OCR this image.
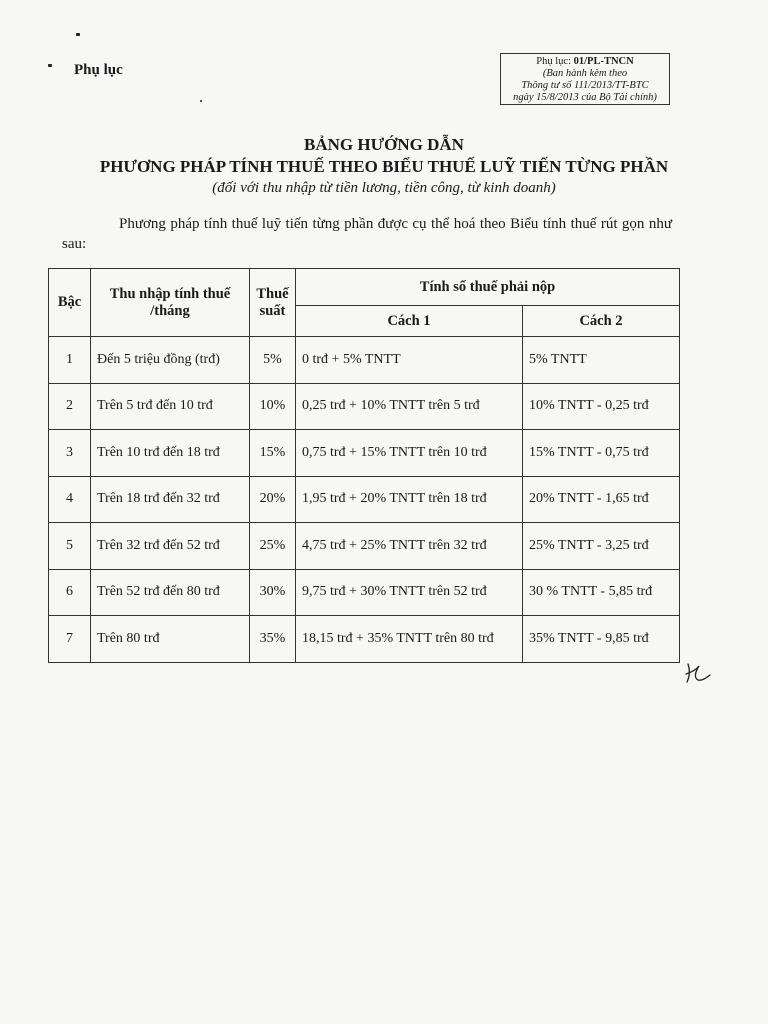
Phụ lục
Phụ lục: 01/PL-TNCN
(Ban hành kèm theo
Thông tư số 111/2013/TT-BTC
ngày 15/8/2013 của Bộ Tài chính)
BẢNG HƯỚNG DẪN
PHƯƠNG PHÁP TÍNH THUẾ THEO BIỂU THUẾ LUỸ TIẾN TỪNG PHẦN
(đối với thu nhập từ tiền lương, tiền công, từ kinh doanh)
Phương pháp tính thuế luỹ tiến từng phần được cụ thể hoá theo Biểu tính thuế rút gọn như sau:
Bậc	Thu nhập tính thuế /tháng	Thuế suất	Tính số thuế phải nộp	
			Cách 1	Cách 2
1	Đến 5 triệu đồng (trđ)	5%	0 trđ + 5% TNTT	5% TNTT
2	Trên 5 trđ đến 10 trđ	10%	0,25 trđ + 10% TNTT trên 5 trđ	10% TNTT - 0,25 trđ
3	Trên 10 trđ đến 18 trđ	15%	0,75 trđ + 15% TNTT trên 10 trđ	15% TNTT - 0,75 trđ
4	Trên 18 trđ đến 32 trđ	20%	1,95 trđ + 20% TNTT trên 18 trđ	20% TNTT - 1,65 trđ
5	Trên 32 trđ đến 52 trđ	25%	4,75 trđ + 25% TNTT trên 32 trđ	25% TNTT - 3,25 trđ
6	Trên 52 trđ đến 80 trđ	30%	9,75 trđ + 30% TNTT trên 52 trđ	30 % TNTT - 5,85 trđ
7	Trên 80 trđ	35%	18,15 trđ + 35% TNTT trên 80 trđ	35% TNTT - 9,85 trđ
